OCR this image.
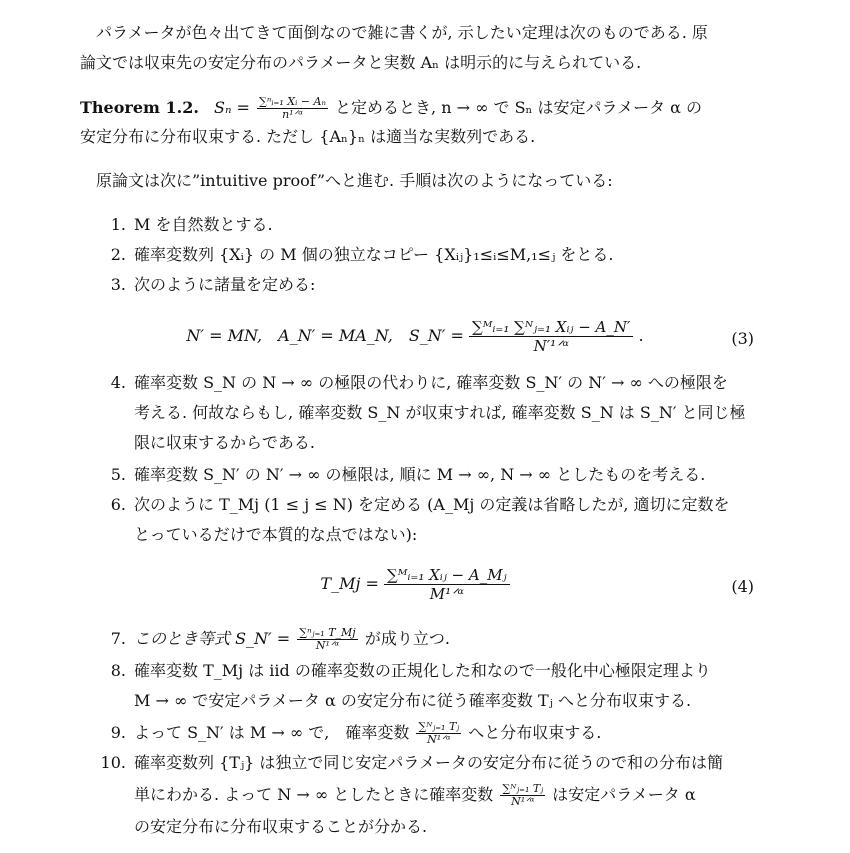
パラメータが色々出てきて面倒なので雑に書くが, 示したい定理は次のものである. 原
論文では収束先の安定分布のパラメータと実数 Aₙ は明示的に与えられている.
Theorem 1.2. $S_n = \frac{\text{∑ⁿᵢ₌₁ Xᵢ − Aₙ}}{\text{n¹ᐟᵅ}}$ と定めるとき, n → ∞ で Sₙ は安定パラメータ α の
安定分布に分布収束する. ただし {Aₙ}ₙ は適当な実数列である.
原論文は次に”intuitive proof”へと進む. 手順は次のようになっている:
1. M を自然数とする.
2. 確率変数列 {Xᵢ} の M 個の独立なコピー {Xᵢⱼ}₁≤ᵢ≤M,₁≤ⱼ をとる.
3. 次のように諸量を定める:
N′ = MN,　A_N′ = MA_N,　S_N′ = $\frac{\text{∑ᴹᵢ₌₁ ∑ᴺⱼ₌₁ Xᵢⱼ − A\_N′}}{\text{N′¹ᐟᵅ}}$ .	(3)
4. 確率変数 S_N の N → ∞ の極限の代わりに, 確率変数 S_N′ の N′ → ∞ への極限を
考える. 何故ならもし, 確率変数 S_N が収束すれば, 確率変数 S_N は S_N′ と同じ極
限に収束するからである.
5. 確率変数 S_N′ の N′ → ∞ の極限は, 順に M → ∞, N → ∞ としたものを考える.
6. 次のように T_Mj (1 ≤ j ≤ N) を定める (A_Mj の定義は省略したが, 適切に定数を
とっているだけで本質的な点ではない):
T_Mj = $\frac{\text{∑ᴹᵢ₌₁ Xᵢⱼ − A\_Mⱼ}}{\text{M¹ᐟᵅ}}$	(4)
7. このとき等式 S_N′ = $\frac{\text{∑ⁿⱼ₌₁ T\_Mj}}{\text{N¹ᐟᵅ}}$ が成り立つ.
8. 確率変数 T_Mj は iid の確率変数の正規化した和なので一般化中心極限定理より
M → ∞ で安定パラメータ α の安定分布に従う確率変数 Tⱼ へと分布収束する.
9. よって S_N′ は M → ∞ で,　確率変数 $\frac{\text{∑ᴺⱼ₌₁ Tⱼ}}{\text{N¹ᐟᵅ}}$ へと分布収束する.
10. 確率変数列 {Tⱼ} は独立で同じ安定パラメータの安定分布に従うので和の分布は簡
単にわかる. よって N → ∞ としたときに確率変数 $\frac{\text{∑ᴺⱼ₌₁ Tⱼ}}{\text{N¹ᐟᵅ}}$ は安定パラメータ α
の安定分布に分布収束することが分かる.
